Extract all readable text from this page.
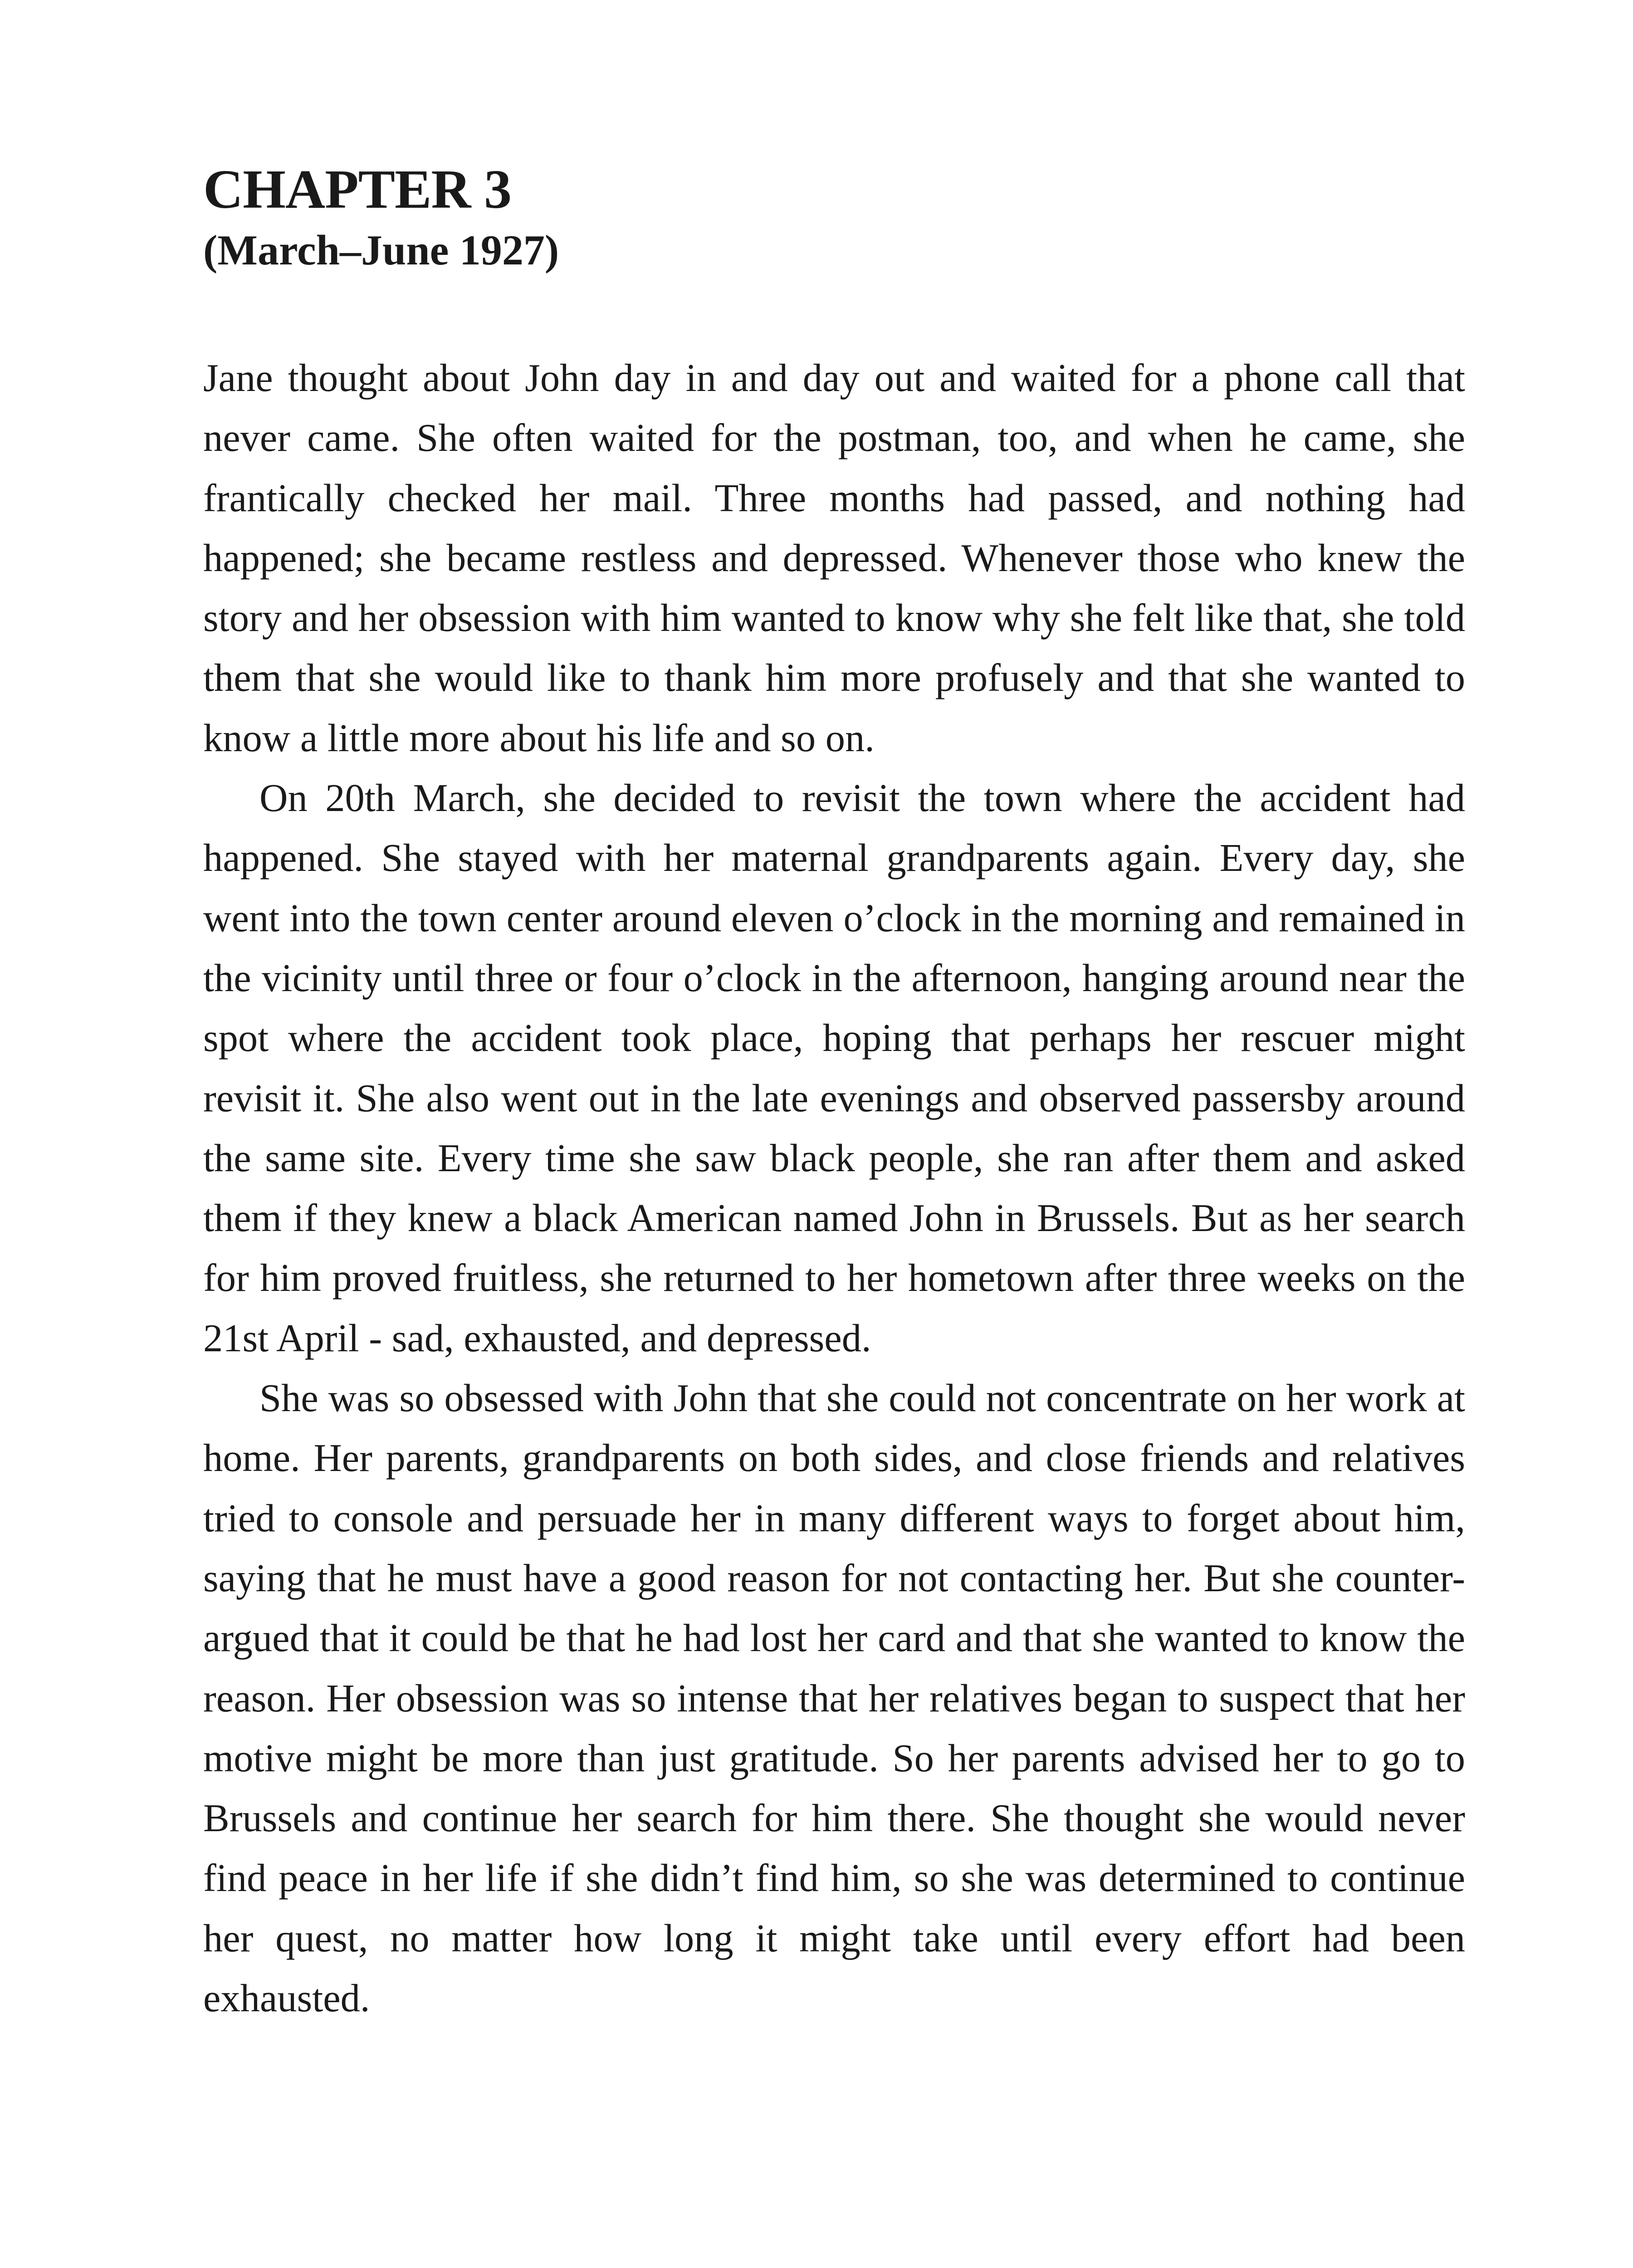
CHAPTER 3
(March–June 1927)

Jane thought about John day in and day out and waited for a phone call that never came. She often waited for the postman, too, and when he came, she frantically checked her mail. Three months had passed, and nothing had happened; she became restless and depressed. Whenever those who knew the story and her obsession with him wanted to know why she felt like that, she told them that she would like to thank him more profusely and that she wanted to know a little more about his life and so on.

On 20th March, she decided to revisit the town where the accident had happened. She stayed with her maternal grandparents again. Every day, she went into the town center around eleven o’clock in the morning and remained in the vicinity until three or four o’clock in the afternoon, hanging around near the spot where the accident took place, hoping that perhaps her rescuer might revisit it. She also went out in the late evenings and observed passersby around the same site. Every time she saw black people, she ran after them and asked them if they knew a black American named John in Brussels. But as her search for him proved fruitless, she returned to her hometown after three weeks on the 21st April - sad, exhausted, and depressed.

She was so obsessed with John that she could not concentrate on her work at home. Her parents, grandparents on both sides, and close friends and relatives tried to console and persuade her in many different ways to forget about him, saying that he must have a good reason for not contacting her. But she counter-argued that it could be that he had lost her card and that she wanted to know the reason. Her obsession was so intense that her relatives began to suspect that her motive might be more than just gratitude. So her parents advised her to go to Brussels and continue her search for him there. She thought she would never find peace in her life if she didn’t find him, so she was determined to continue her quest, no matter how long it might take until every effort had been exhausted.
